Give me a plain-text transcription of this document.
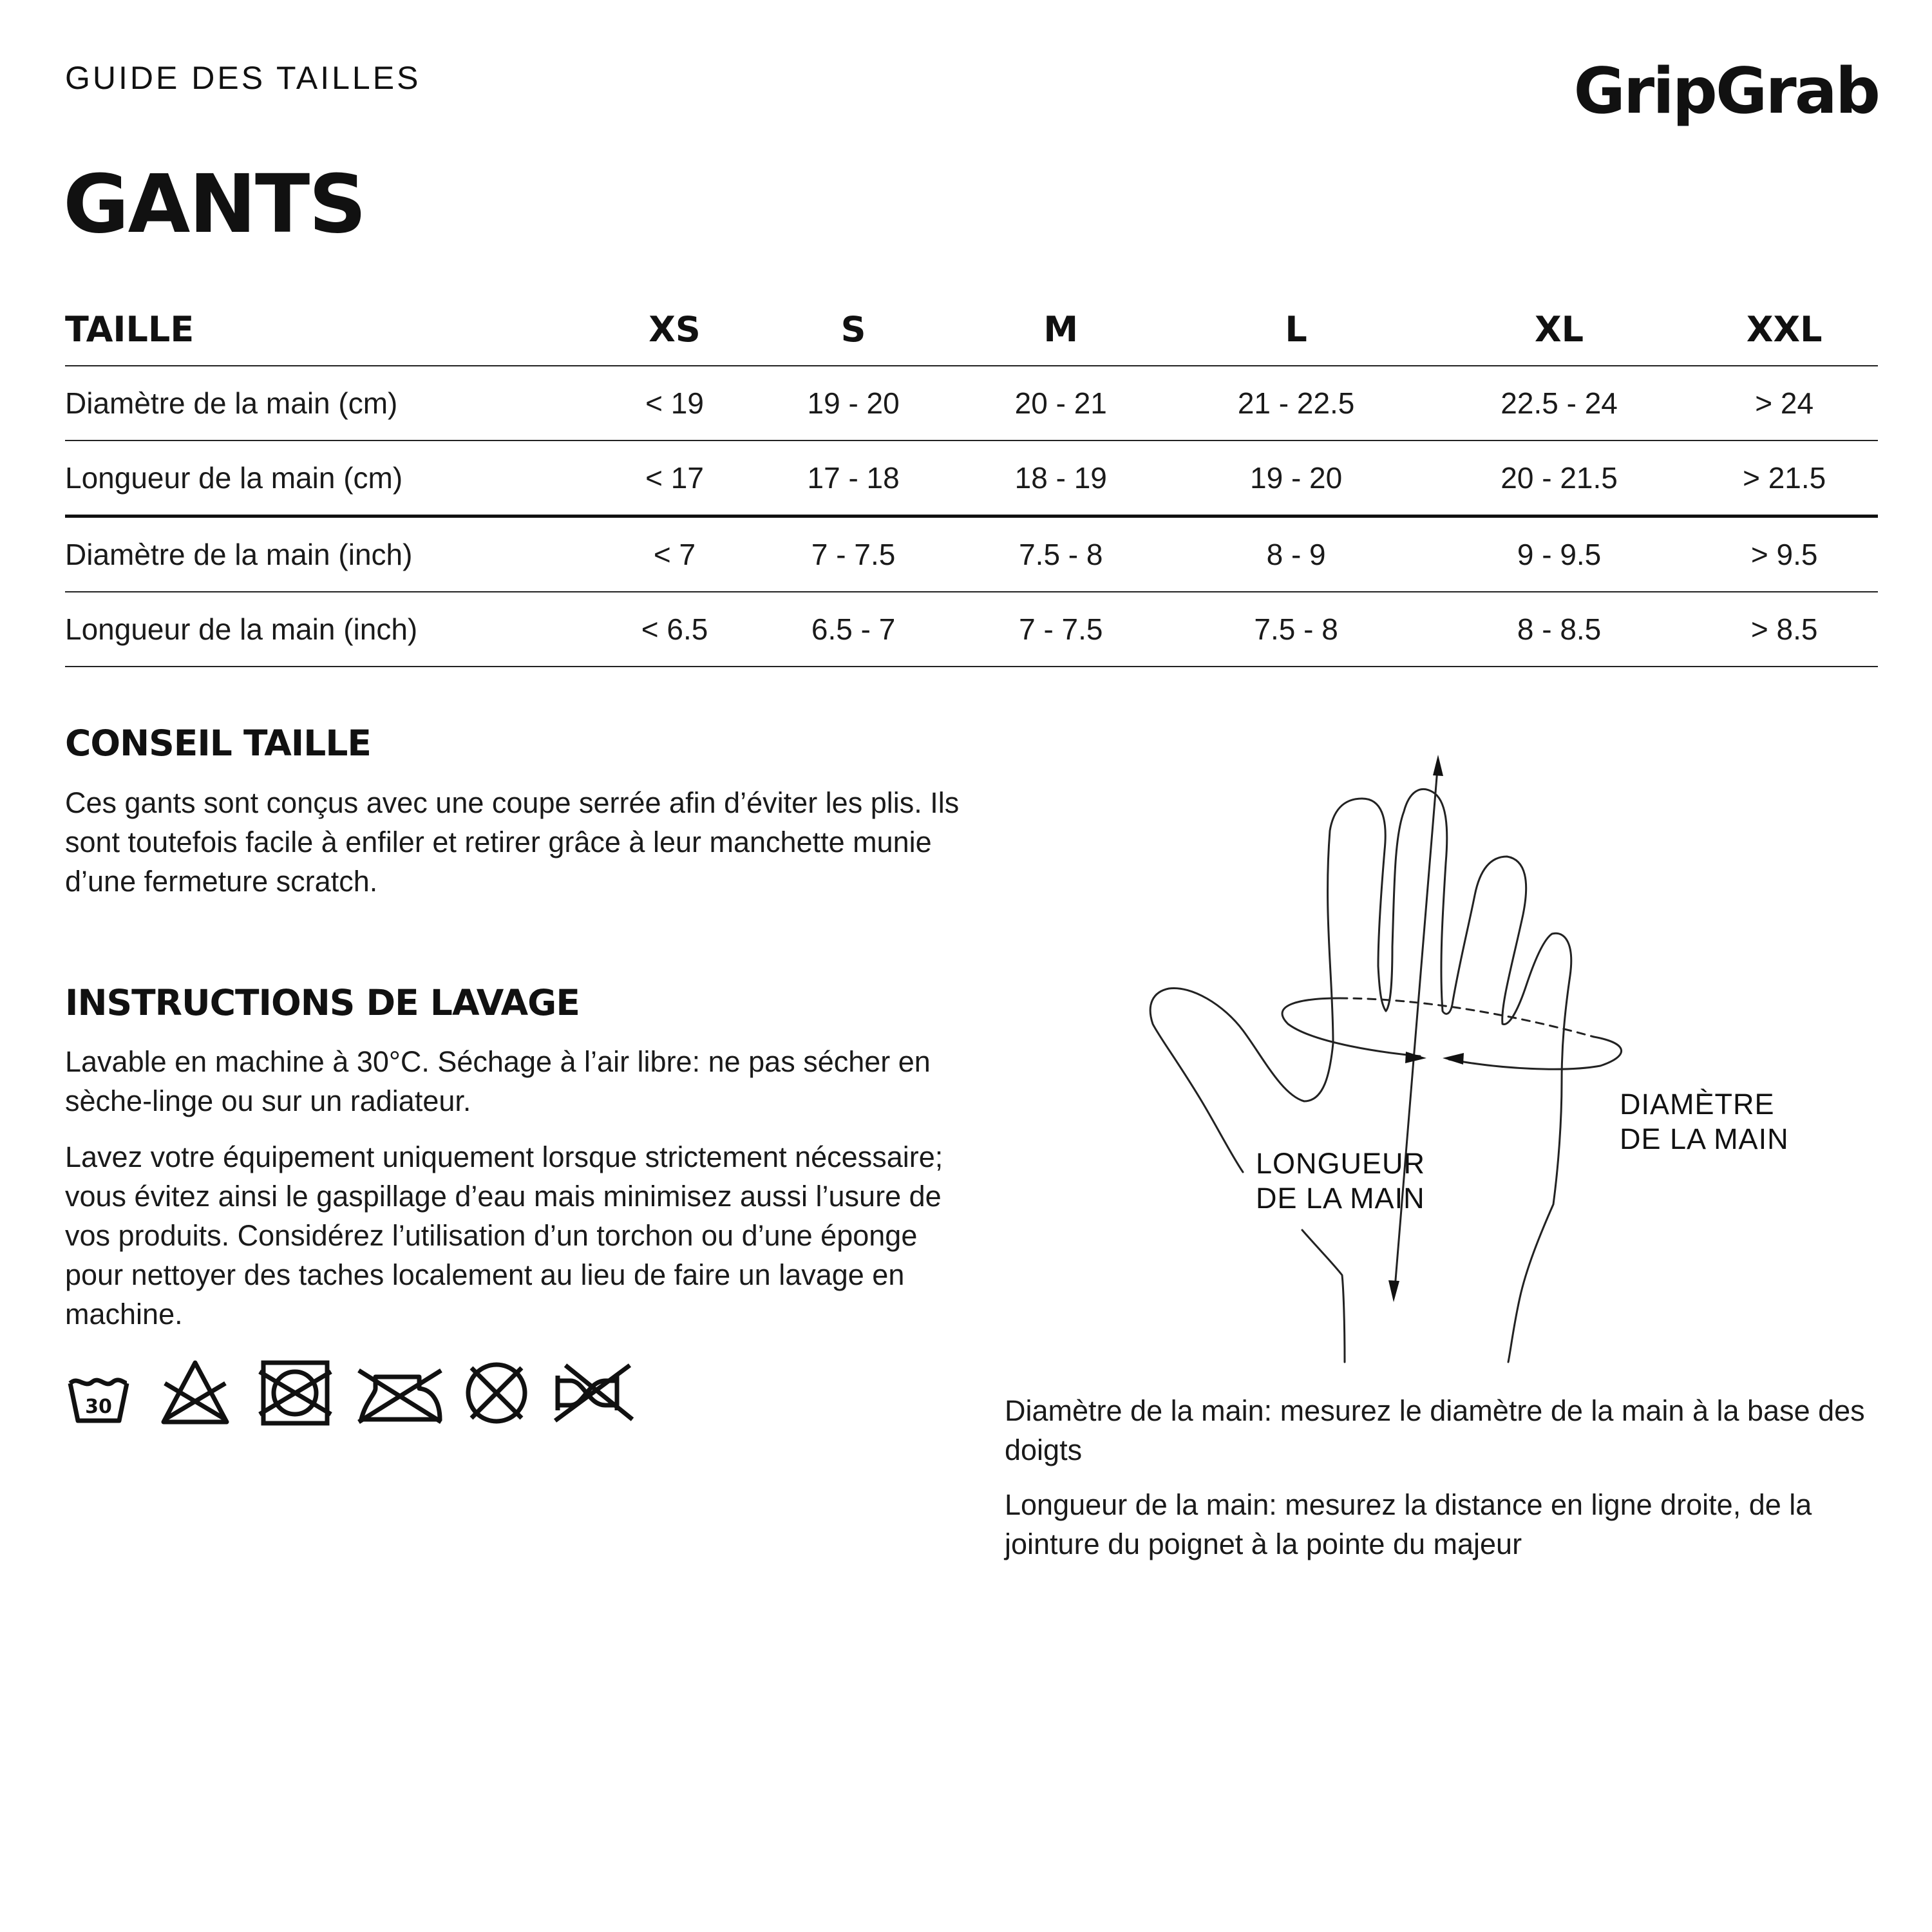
GUIDE DES TAILLES	GripGrab
GANTS
TAILLE	XS	S	M	L	XL	XXL
Diamètre de la main (cm)	< 19	19 - 20	20 - 21	21 - 22.5	22.5 - 24	> 24
Longueur de la main (cm)	< 17	17 - 18	18 - 19	19 - 20	20 - 21.5	> 21.5
Diamètre de la main (inch)	< 7	7 - 7.5	7.5 - 8	8 - 9	9 - 9.5	> 9.5
Longueur de la main (inch)	< 6.5	6.5 - 7	7 - 7.5	7.5 - 8	8 - 8.5	> 8.5
CONSEIL TAILLE
Ces gants sont conçus avec une coupe serrée afin d’éviter les plis. Ils sont toutefois facile à enfiler et retirer grâce à leur manchette munie d’une fermeture scratch.
INSTRUCTIONS DE LAVAGE
Lavable en machine à 30°C. Séchage à l’air libre: ne pas sécher en sèche-linge ou sur un radiateur.
Lavez votre équipement uniquement lorsque strictement nécessaire; vous évitez ainsi le gaspillage d’eau mais minimisez aussi l’usure de vos produits. Considérez l’utilisation d’un torchon ou d’une éponge pour nettoyer des taches localement au lieu de faire un lavage en machine.
30
LONGUEUR
DE LA MAIN
DIAMÈTRE
DE LA MAIN
Diamètre de la main: mesurez le diamètre de la main à la base des doigts
Longueur de la main: mesurez la distance en ligne droite, de la jointure du poignet à la pointe du majeur
